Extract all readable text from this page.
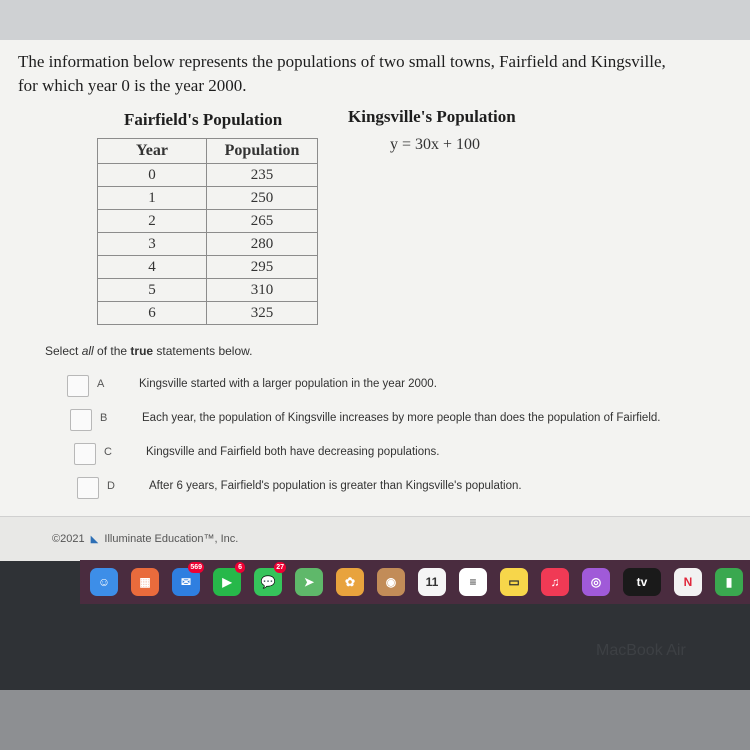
The information below represents the populations of two small towns, Fairfield and Kingsville,
for which year 0 is the year 2000.
Fairfield's Population	Kingsville's Population
y = 30x + 100
Year	Population
0	235
1	250
2	265
3	280
4	295
5	310
6	325
Select all of the true statements below.
A	Kingsville started with a larger population in the year 2000.
B	Each year, the population of Kingsville increases by more people than does the population of Fairfield.
C	Kingsville and Fairfield both have decreasing populations.
D	After 6 years, Fairfield's population is greater than Kingsville's population.
©2021 ◣ Illuminate Education™, Inc.
☺	▦	✉
569
▶
6
💬
27
➤	✿	◉	11	≡	▭	♫	◎	tv	N	▮
MacBook Air
